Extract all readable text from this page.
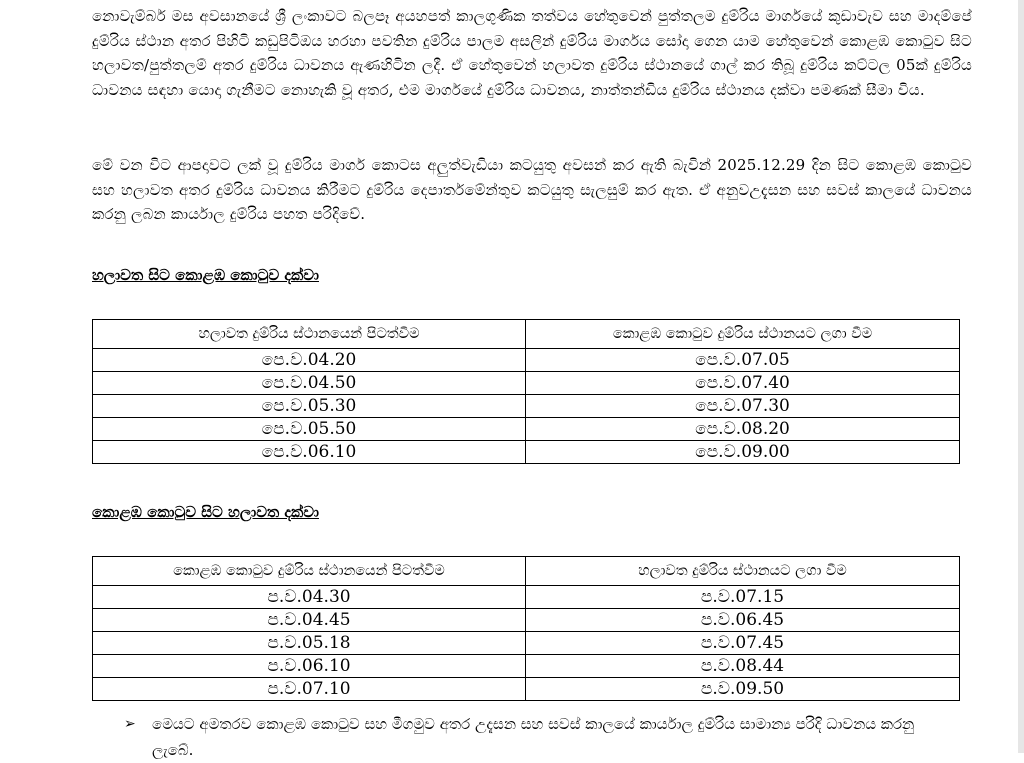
නොවැම්බර් මස අවසානයේ ශ්‍රී ලංකාවට බලපෑ අයහපත් කාලගුණික තත්වය හේතුවෙන් පුත්තලම දුම්රිය මාර්ගයේ කුඩාවැව සහ මාදම්පේ දුම්රිය ස්ථාන අතර පිහිටි කඩුපිටිඔය හරහා පවතින දුම්රිය පාලම අසලින් දුම්රිය මාර්ගය සෝදා ගෙන යාම හේතුවෙන් කොළඹ කොටුව සිට හලාවත/පුත්තලම් අතර දුම්රිය ධාවනය ඇණහිටින ලදී. ඒ හේතුවෙන් හලාවත දුම්රිය ස්ථානයේ ගාල් කර තිබූ දුම්රිය කට්ටල 05ක් දුම්රිය ධාවනය සඳහා යොදා ගැනීමට නොහැකි වූ අතර, එම මාර්ගයේ දුම්රිය ධාවනය, නාත්තන්ඩිය දුම්රිය ස්ථානය දක්වා පමණක් සීමා විය.

මේ වන විට ආපදාවට ලක් වූ දුම්රිය මාර්ග කොටස අලුත්වැඩියා කටයුතු අවසන් කර ඇති බැවින් 2025.12.29 දින සිට කොළඹ කොටුව සහ හලාවත අතර දුම්රිය ධාවනය කිරීමට දුම්රිය දෙපාර්තමේන්තුව කටයුතු සැලසුම් කර ඇත. ඒ අනුවඋදැසන සහ සවස් කාලයේ ධාවනය කරනු ලබන කාර්යාල දුම්රිය පහත පරිදිවේ.

හලාවත සිට කොළඹ කොටුව දක්වා

හලාවත දුම්රිය ස්ථානයෙන් පිටත්වීම	කොළඹ කොටුව දුම්රිය ස්ථානයට ලගා වීම
පෙ.ව.04.20	පෙ.ව.07.05
පෙ.ව.04.50	පෙ.ව.07.40
පෙ.ව.05.30	පෙ.ව.07.30
පෙ.ව.05.50	පෙ.ව.08.20
පෙ.ව.06.10	පෙ.ව.09.00

කොළඹ කොටුව සිට හලාවත දක්වා

කොළඹ කොටුව දුම්රිය ස්ථානයෙන් පිටත්වීම	හලාවත දුම්රිය ස්ථානයට ලගා වීම
ප.ව.04.30	ප.ව.07.15
ප.ව.04.45	ප.ව.06.45
ප.ව.05.18	ප.ව.07.45
ප.ව.06.10	ප.ව.08.44
ප.ව.07.10	ප.ව.09.50
➢	මෙයට අමතරව කොළඹ කොටුව සහ මීගමුව අතර උදැසන සහ සවස් කාලයේ කාර්යාල දුම්රිය සාමාන්‍ය පරිදි ධාවනය කරනු ලැබේ.
